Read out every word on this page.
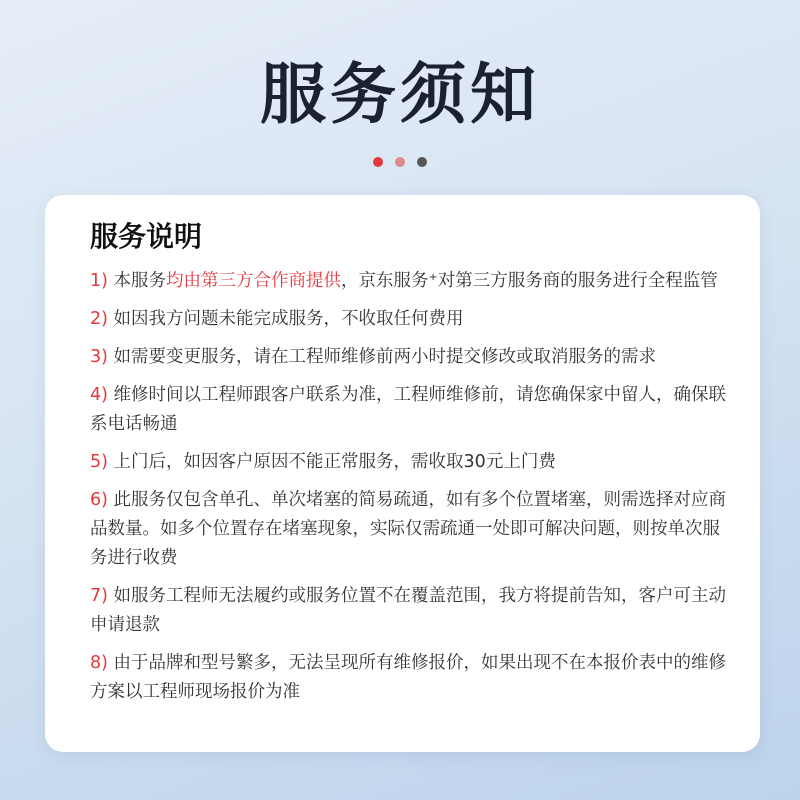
服务须知
服务说明
1) 本服务均由第三方合作商提供，京东服务⁺对第三方服务商的服务进行全程监管
2) 如因我方问题未能完成服务，不收取任何费用
3) 如需要变更服务，请在工程师维修前两小时提交修改或取消服务的需求
4) 维修时间以工程师跟客户联系为准，工程师维修前，请您确保家中留人，确保联系电话畅通
5) 上门后，如因客户原因不能正常服务，需收取30元上门费
6) 此服务仅包含单孔、单次堵塞的简易疏通，如有多个位置堵塞，则需选择对应商品数量。如多个位置存在堵塞现象，实际仅需疏通一处即可解决问题，则按单次服务进行收费
7) 如服务工程师无法履约或服务位置不在覆盖范围，我方将提前告知，客户可主动申请退款
8) 由于品牌和型号繁多，无法呈现所有维修报价，如果出现不在本报价表中的维修方案以工程师现场报价为准
